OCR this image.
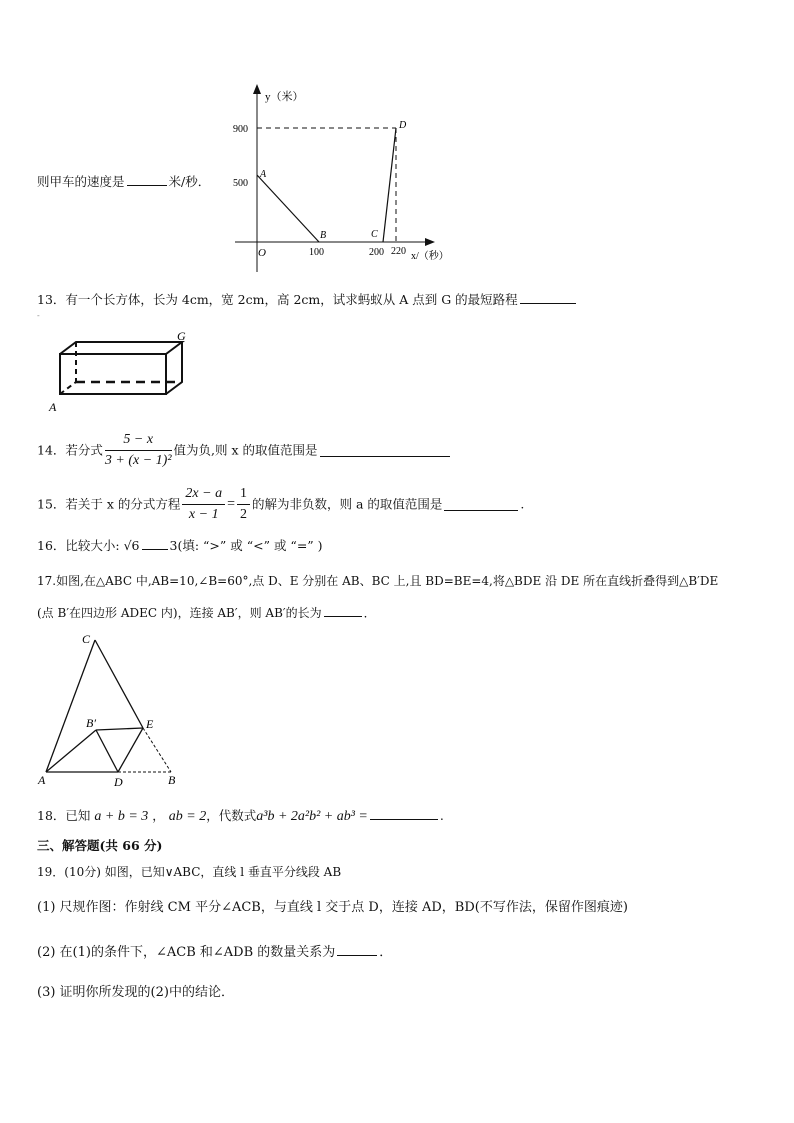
则甲车的速度是	米/秒．
y（米）
x/（秒）
O
900
500
100	200 220
A
B	C
D
13．有一个长方体，长为 4cm，宽 2cm，高 2cm，试求蚂蚁从 A 点到 G 的最短路程
-
G
A
14．若分式 $\frac{5 - x}{\text{3 + (x − 1)²}}$ 值为负,则 x 的取值范围是
15．若关于 x 的分式方程 $\frac{2x - a}{x - 1} = \frac{1}{2}$ 的解为非负数，则 a 的取值范围是	.
16．比较大小: √6 3(填: “>” 或 “<” 或 “=” )
17.如图,在△ABC 中,AB=10,∠B=60°,点 D、E 分别在 AB、BC 上,且 BD=BE=4,将△BDE 沿 DE 所在直线折叠得到△B′DE
(点 B′在四边形 ADEC 内)，连接 AB′，则 AB′的长为	．
C
B′	E
A	D	B
18．已知 a + b = 3 ， ab = 2，代数式a³b + 2a²b² + ab³ =	.
三、解答题(共 66 分)
19．(10分) 如图，已知∨ABC，直线 l 垂直平分线段 AB
(1) 尺规作图：作射线 CM 平分∠ACB，与直线 l 交于点 D，连接 AD，BD(不写作法，保留作图痕迹)
(2) 在(1)的条件下，∠ACB 和∠ADB 的数量关系为	．
(3) 证明你所发现的(2)中的结论．
